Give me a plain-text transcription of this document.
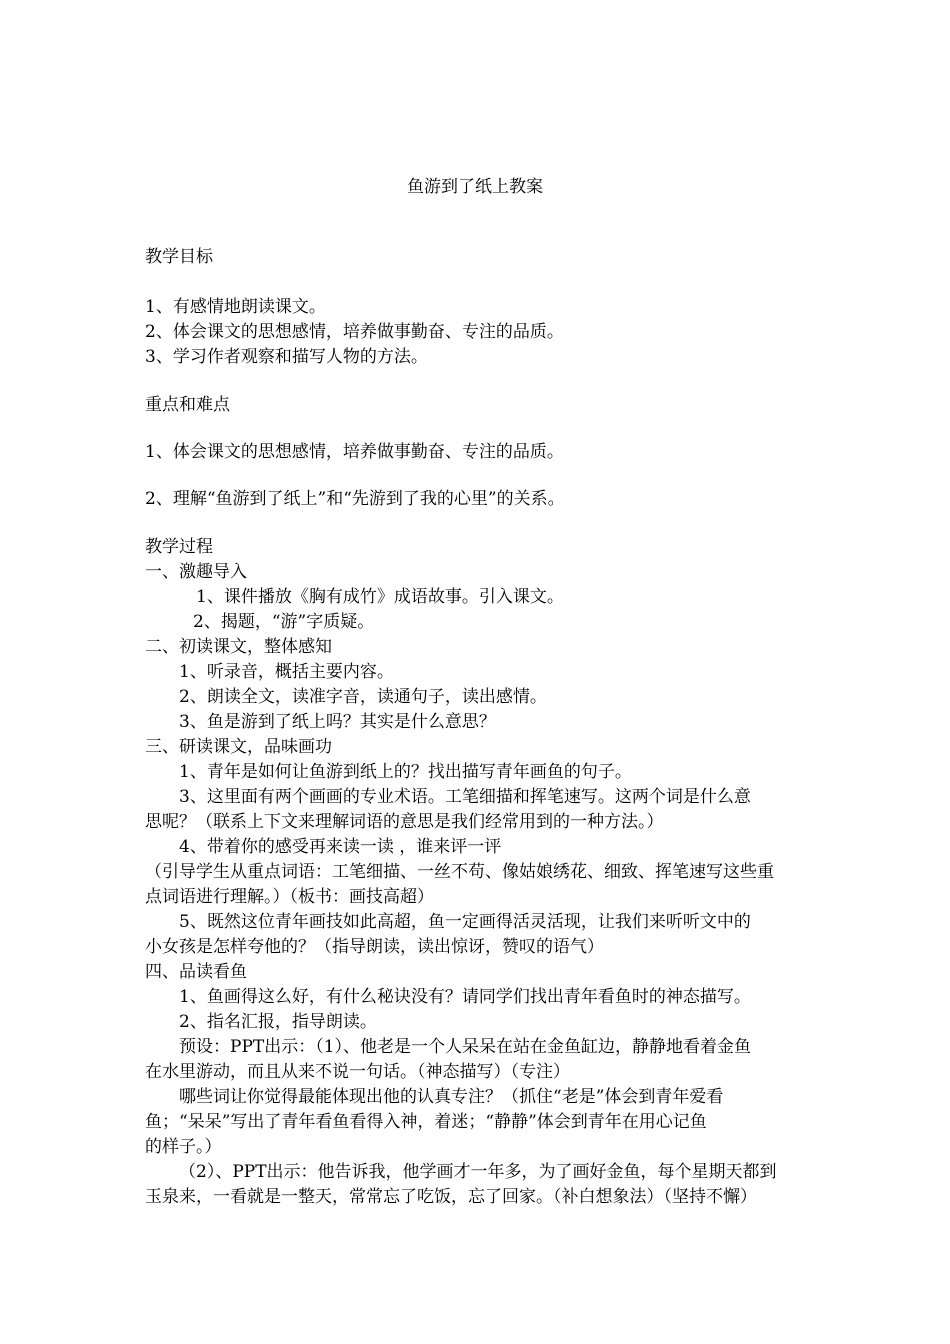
鱼游到了纸上教案
教学目标
1、有感情地朗读课文。
2、体会课文的思想感情，培养做事勤奋、专注的品质。
3、学习作者观察和描写人物的方法。
重点和难点
1、体会课文的思想感情，培养做事勤奋、专注的品质。
2、理解“鱼游到了纸上”和“先游到了我的心里”的关系。
教学过程
一、激趣导入
1、课件播放《胸有成竹》成语故事。引入课文。
2、揭题，“游”字质疑。
二、初读课文，整体感知
1、听录音，概括主要内容。
2、朗读全文，读准字音，读通句子，读出感情。
3、鱼是游到了纸上吗？其实是什么意思？
三、研读课文，品味画功
1、青年是如何让鱼游到纸上的？找出描写青年画鱼的句子。
3、这里面有两个画画的专业术语。工笔细描和挥笔速写。这两个词是什么意
思呢？（联系上下文来理解词语的意思是我们经常用到的一种方法。）
4、带着你的感受再来读一读 ，谁来评一评
（引导学生从重点词语：工笔细描、一丝不苟、像姑娘绣花、细致、挥笔速写这些重
点词语进行理解。）（板书：画技高超）
5、既然这位青年画技如此高超，鱼一定画得活灵活现，让我们来听听文中的
小女孩是怎样夸他的？（指导朗读，读出惊讶，赞叹的语气）
四、品读看鱼
1、鱼画得这么好，有什么秘诀没有？请同学们找出青年看鱼时的神态描写。
2、指名汇报，指导朗读。
预设：PPT出示：（1）、他老是一个人呆呆在站在金鱼缸边，静静地看着金鱼
在水里游动，而且从来不说一句话。（神态描写）（专注）
哪些词让你觉得最能体现出他的认真专注？（抓住“老是”体会到青年爱看
鱼；“呆呆”写出了青年看鱼看得入神，着迷；“静静”体会到青年在用心记鱼
的样子。）
（2）、PPT出示：他告诉我，他学画才一年多，为了画好金鱼，每个星期天都到
玉泉来，一看就是一整天，常常忘了吃饭，忘了回家。（补白想象法）（坚持不懈）
